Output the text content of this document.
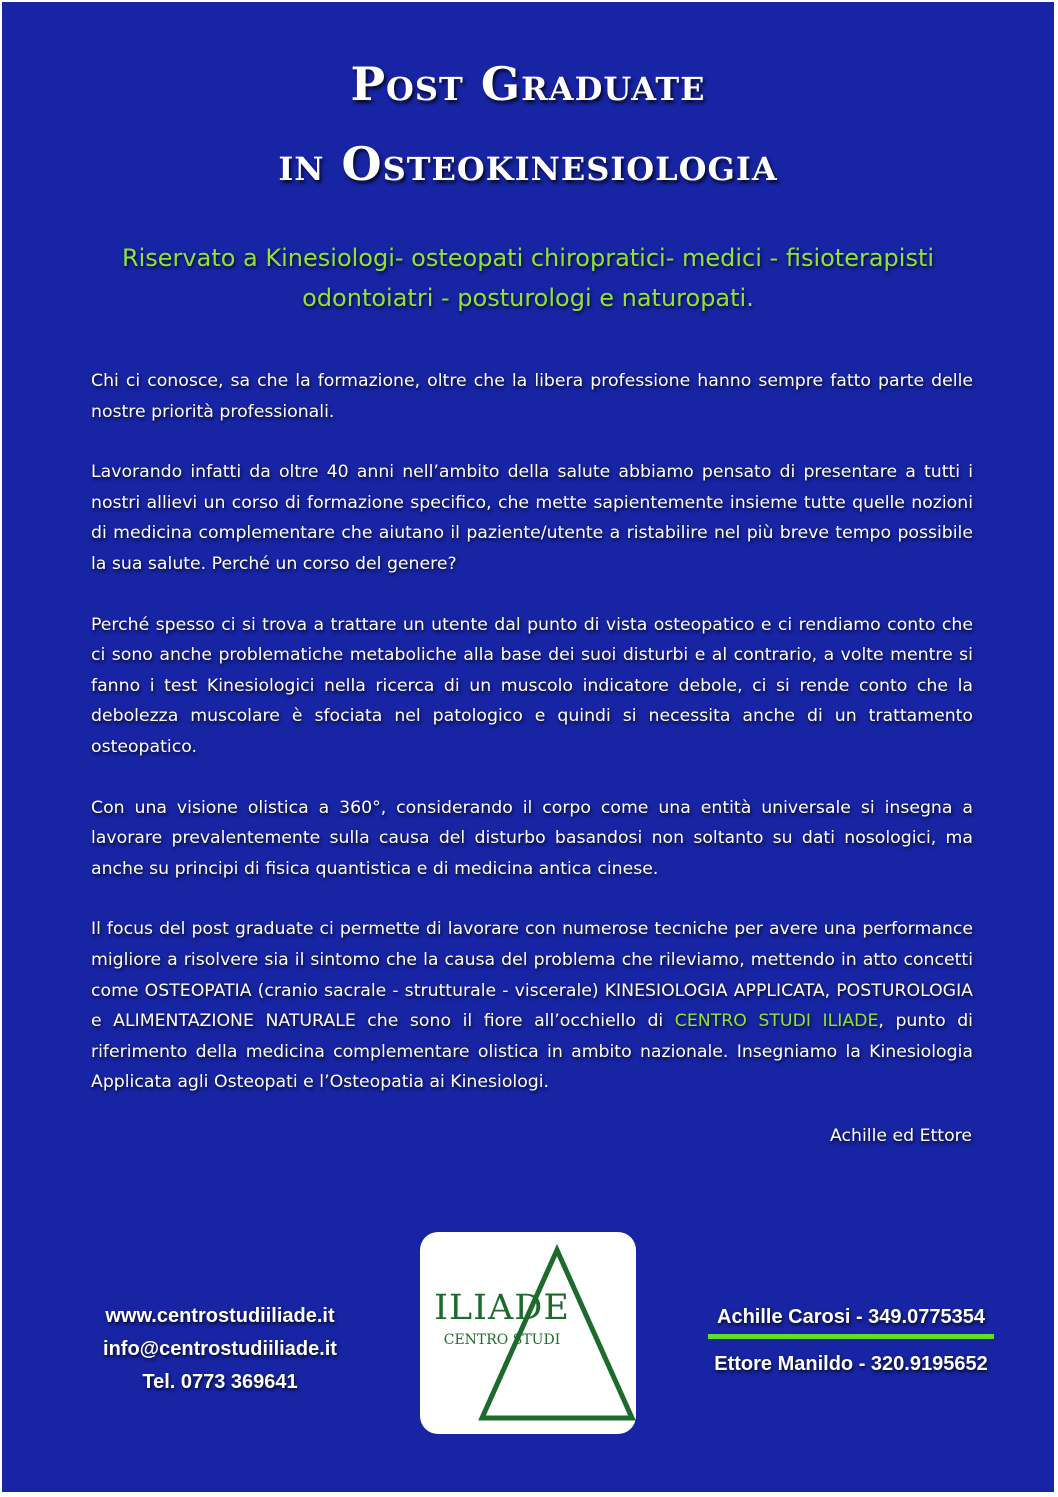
Post Graduate
in Osteokinesiologia
Riservato a Kinesiologi- osteopati chiropratici- medici - fisioterapisti
odontoiatri - posturologi e naturopati.

Chi ci conosce, sa che la formazione, oltre che la libera professione hanno sempre fatto parte delle nostre priorità professionali.

Lavorando infatti da oltre 40 anni nell’ambito della salute abbiamo pensato di presentare a tutti i nostri allievi un corso di formazione specifico, che mette sapientemente insieme tutte quelle nozioni di medicina complementare che aiutano il paziente/utente a ristabilire nel più breve tempo possibile la sua salute. Perché un corso del genere?

Perché spesso ci si trova a trattare un utente dal punto di vista osteopatico e ci rendiamo conto che ci sono anche problematiche metaboliche alla base dei suoi disturbi e al contrario, a volte mentre si fanno i test Kinesiologici nella ricerca di un muscolo indicatore debole, ci si rende conto che la debolezza muscolare è sfociata nel patologico e quindi si necessita anche di un trattamento osteopatico.

Con una visione olistica a 360°, considerando il corpo come una entità universale si insegna a lavorare prevalentemente sulla causa del disturbo basandosi non soltanto su dati nosologici, ma anche su principi di fisica quantistica e di medicina antica cinese.

Il focus del post graduate ci permette di lavorare con numerose tecniche per avere una performance migliore a risolvere sia il sintomo che la causa del problema che rileviamo, mettendo in atto concetti come OSTEOPATIA (cranio sacrale - strutturale - viscerale) KINESIOLOGIA APPLICATA, POSTUROLOGIA e ALIMENTAZIONE NATURALE che sono il fiore all’occhiello di CENTRO STUDI ILIADE, punto di riferimento della medicina complementare olistica in ambito nazionale. Insegniamo la Kinesiologia Applicata agli Osteopati e l’Osteopatia ai Kinesiologi.

Achille ed Ettore
www.centrostudiiliade.it
info@centrostudiiliade.it
Tel. 0773 369641
ILIADE
CENTRO STUDI
Achille Carosi - 349.0775354
Ettore Manildo - 320.9195652
